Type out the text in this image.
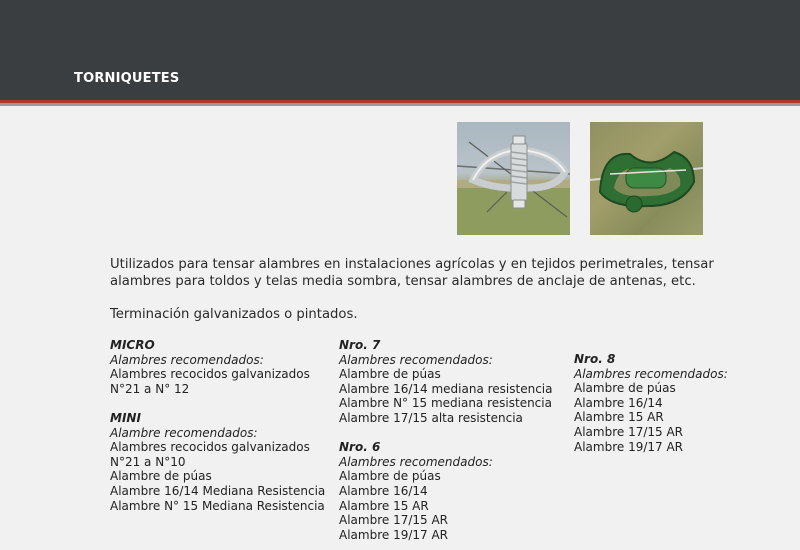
TORNIQUETES

Utilizados para tensar alambres en instalaciones agrícolas y en tejidos perimetrales, tensar alambres para toldos y telas media sombra, tensar alambres de anclaje de antenas, etc.

Terminación galvanizados o pintados.

MICRO
Alambres recomendados:
Alambres recocidos galvanizados
N°21 a N° 12
MINI
Alambre recomendados:
Alambres recocidos galvanizados
N°21 a N°10
Alambre de púas
Alambre 16/14 Mediana Resistencia
Alambre N° 15 Mediana Resistencia
Nro. 7
Alambres recomendados:
Alambre de púas
Alambre 16/14 mediana resistencia
Alambre N° 15 mediana resistencia
Alambre 17/15 alta resistencia
Nro. 6
Alambres recomendados:
Alambre de púas
Alambre 16/14
Alambre 15 AR
Alambre 17/15 AR
Alambre 19/17 AR
Nro. 8
Alambres recomendados:
Alambre de púas
Alambre 16/14
Alambre 15 AR
Alambre 17/15 AR
Alambre 19/17 AR
